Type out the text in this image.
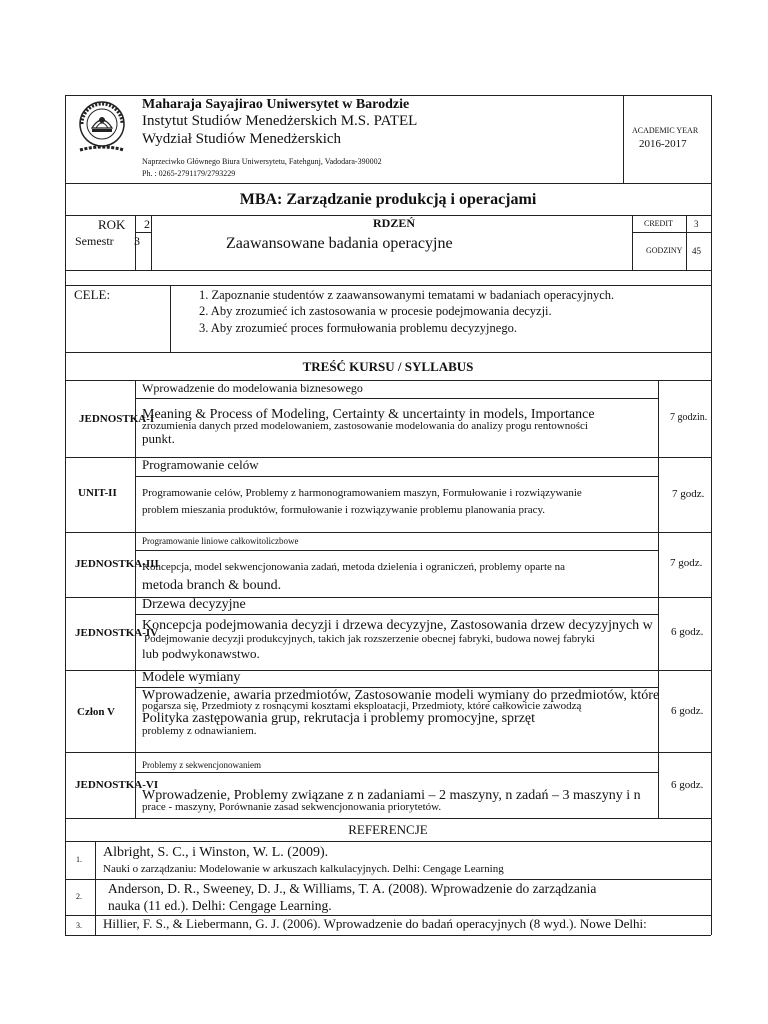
Maharaja Sayajirao Uniwersytet w Barodzie
Instytut Studiów Menedżerskich M.S. PATEL
Wydział Studiów Menedżerskich
Naprzeciwko Głównego Biura Uniwersytetu, Fatehgunj, Vadodara-390002
Ph. : 0265-2791179/2793229
ACADEMIC YEAR
2016-2017
MBA: Zarządzanie produkcją i operacjami
ROK 2
Semestr 3
RDZEŃ
Zaawansowane badania operacyjne
CREDIT 3
GODZINY 45
CELE:	1. Zapoznanie studentów z zaawansowanymi tematami w badaniach operacyjnych.
2. Aby zrozumieć ich zastosowania w procesie podejmowania decyzji.
3. Aby zrozumieć proces formułowania problemu decyzyjnego.
TREŚĆ KURSU / SYLLABUS
JEDNOSTKA-I
Wprowadzenie do modelowania biznesowego
Meaning & Process of Modeling, Certainty & uncertainty in models, Importance
zrozumienia danych przed modelowaniem, zastosowanie modelowania do analizy progu rentowności
punkt.
7 godzin.
UNIT-II
Programowanie celów
Programowanie celów, Problemy z harmonogramowaniem maszyn, Formułowanie i rozwiązywanie
problem mieszania produktów, formułowanie i rozwiązywanie problemu planowania pracy.
7 godz.
JEDNOSTKA-III
Programowanie liniowe całkowitoliczbowe
Koncepcja, model sekwencjonowania zadań, metoda dzielenia i ograniczeń, problemy oparte na
metoda branch & bound.
7 godz.
JEDNOSTKA-IV
Drzewa decyzyjne
Koncepcja podejmowania decyzji i drzewa decyzyjne, Zastosowania drzew decyzyjnych w
Podejmowanie decyzji produkcyjnych, takich jak rozszerzenie obecnej fabryki, budowa nowej fabryki
lub podwykonawstwo.
6 godz.
Człon V
Modele wymiany
Wprowadzenie, awaria przedmiotów, Zastosowanie modeli wymiany do przedmiotów, które
pogarsza się, Przedmioty z rosnącymi kosztami eksploatacji, Przedmioty, które całkowicie zawodzą
Polityka zastępowania grup, rekrutacja i problemy promocyjne, sprzęt
problemy z odnawianiem.
6 godz.
JEDNOSTKA-VI
Problemy z sekwencjonowaniem
Wprowadzenie, Problemy związane z n zadaniami – 2 maszyny, n zadań – 3 maszyny i n
prace - maszyny, Porównanie zasad sekwencjonowania priorytetów.
6 godz.
REFERENCJE
1. Albright, S. C., i Winston, W. L. (2009).
Nauki o zarządzaniu: Modelowanie w arkuszach kalkulacyjnych. Delhi: Cengage Learning
2.
Anderson, D. R., Sweeney, D. J., & Williams, T. A. (2008). Wprowadzenie do zarządzania
nauka (11 ed.). Delhi: Cengage Learning.
3. Hillier, F. S., & Liebermann, G. J. (2006). Wprowadzenie do badań operacyjnych (8 wyd.). Nowe Delhi:
